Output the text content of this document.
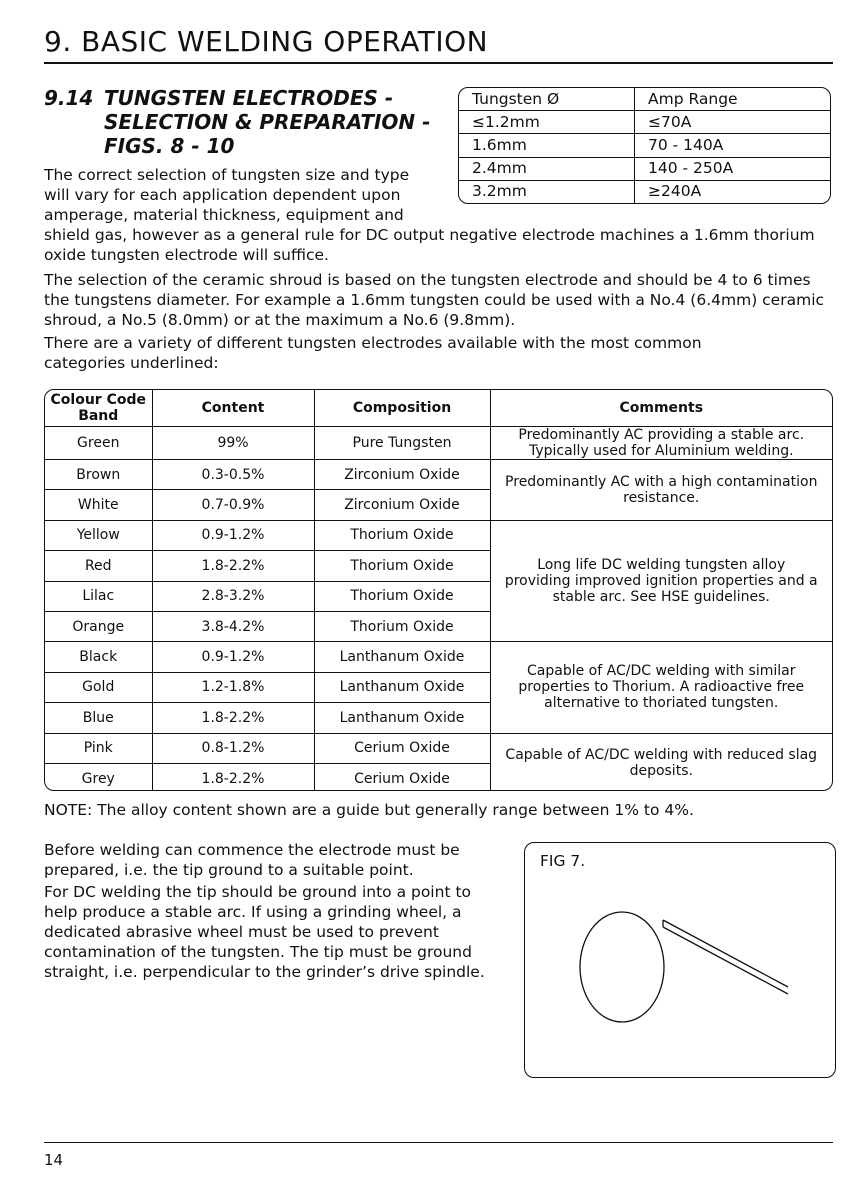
9. BASIC WELDING OPERATION
9.14 TUNGSTEN ELECTRODES -
SELECTION & PREPARATION -
FIGS. 8 - 10
The correct selection of tungsten size and type
will vary for each application dependent upon
amperage, material thickness, equipment and

shield gas, however as a general rule for DC output negative electrode machines a 1.6mm thorium oxide tungsten electrode will suffice.

Tungsten Ø	Amp Range
≤1.2mm	≤70A
1.6mm	70 - 140A
2.4mm	140 - 250A
3.2mm	≥240A

The selection of the ceramic shroud is based on the tungsten electrode and should be 4 to 6 times the tungstens diameter. For example a 1.6mm tungsten could be used with a No.4 (6.4mm) ceramic shroud, a No.5 (8.0mm) or at the maximum a No.6 (9.8mm).

There are a variety of different tungsten electrodes available with the most common categories underlined:

Colour Code Band	Content	Composition	Comments
Green	99%	Pure Tungsten	Predominantly AC providing a stable arc. Typically used for Aluminium welding.
Brown	0.3-0.5%	Zirconium Oxide	Predominantly AC with a high contamination resistance.
White	0.7-0.9%	Zirconium Oxide	
Yellow	0.9-1.2%	Thorium Oxide	Long life DC welding tungsten alloy providing improved ignition properties and a stable arc. See HSE guidelines.
Red	1.8-2.2%	Thorium Oxide	
Lilac	2.8-3.2%	Thorium Oxide	
Orange	3.8-4.2%	Thorium Oxide	
Black	0.9-1.2%	Lanthanum Oxide	Capable of AC/DC welding with similar properties to Thorium. A radioactive free alternative to thoriated tungsten.
Gold	1.2-1.8%	Lanthanum Oxide	
Blue	1.8-2.2%	Lanthanum Oxide	
Pink	0.8-1.2%	Cerium Oxide	Capable of AC/DC welding with reduced slag deposits.
Grey	1.8-2.2%	Cerium Oxide	
NOTE: The alloy content shown are a guide but generally range between 1% to 4%.

Before welding can commence the electrode must be prepared, i.e. the tip ground to a suitable point.

For DC welding the tip should be ground into a point to help produce a stable arc. If using a grinding wheel, a dedicated abrasive wheel must be used to prevent contamination of the tungsten. The tip must be ground straight, i.e. perpendicular to the grinder’s drive spindle.

FIG 7.
14
